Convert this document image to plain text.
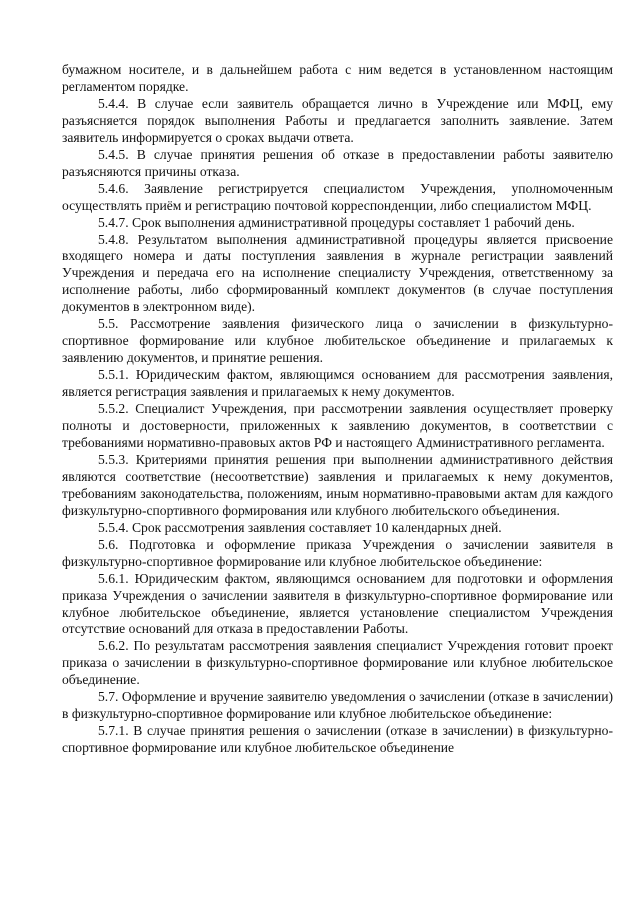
бумажном носителе, и в дальнейшем работа с ним ведется в установленном настоящим регламентом порядке.

5.4.4. В случае если заявитель обращается лично в Учреждение или МФЦ, ему разъясняется порядок выполнения Работы и предлагается заполнить заявление. Затем заявитель информируется о сроках выдачи ответа.

5.4.5. В случае принятия решения об отказе в предоставлении работы заявителю разъясняются причины отказа.

5.4.6. Заявление регистрируется специалистом Учреждения, уполномоченным осуществлять приём и регистрацию почтовой корреспонденции, либо специалистом МФЦ.

5.4.7. Срок выполнения административной процедуры составляет 1 рабочий день.

5.4.8. Результатом выполнения административной процедуры является присвоение входящего номера и даты поступления заявления в журнале регистрации заявлений Учреждения и передача его на исполнение специалисту Учреждения, ответственному за исполнение работы, либо сформированный комплект документов (в случае поступления документов в электронном виде).

5.5. Рассмотрение заявления физического лица о зачислении в физкультурно-спортивное формирование или клубное любительское объединение и прилагаемых к заявлению документов, и принятие решения.

5.5.1. Юридическим фактом, являющимся основанием для рассмотрения заявления, является регистрация заявления и прилагаемых к нему документов.

5.5.2. Специалист Учреждения, при рассмотрении заявления осуществляет проверку полноты и достоверности, приложенных к заявлению документов, в соответствии с требованиями нормативно-правовых актов РФ и настоящего Административного регламента.

5.5.3. Критериями принятия решения при выполнении административного действия являются соответствие (несоответствие) заявления и прилагаемых к нему документов, требованиям законодательства, положениям, иным нормативно-правовыми актам для каждого физкультурно-спортивного формирования или клубного любительского объединения.

5.5.4. Срок рассмотрения заявления составляет 10 календарных дней.

5.6. Подготовка и оформление приказа Учреждения о зачислении заявителя в физкультурно-спортивное формирование или клубное любительское объединение:

5.6.1. Юридическим фактом, являющимся основанием для подготовки и оформления приказа Учреждения о зачислении заявителя в физкультурно-спортивное формирование или клубное любительское объединение, является установление специалистом Учреждения отсутствие оснований для отказа в предоставлении Работы.

5.6.2. По результатам рассмотрения заявления специалист Учреждения готовит проект приказа о зачислении в физкультурно-спортивное формирование или клубное любительское объединение.

5.7. Оформление и вручение заявителю уведомления о зачислении (отказе в зачислении) в физкультурно-спортивное формирование или клубное любительское объединение:

5.7.1. В случае принятия решения о зачислении (отказе в зачислении) в физкультурно-спортивное формирование или клубное любительское объединение
